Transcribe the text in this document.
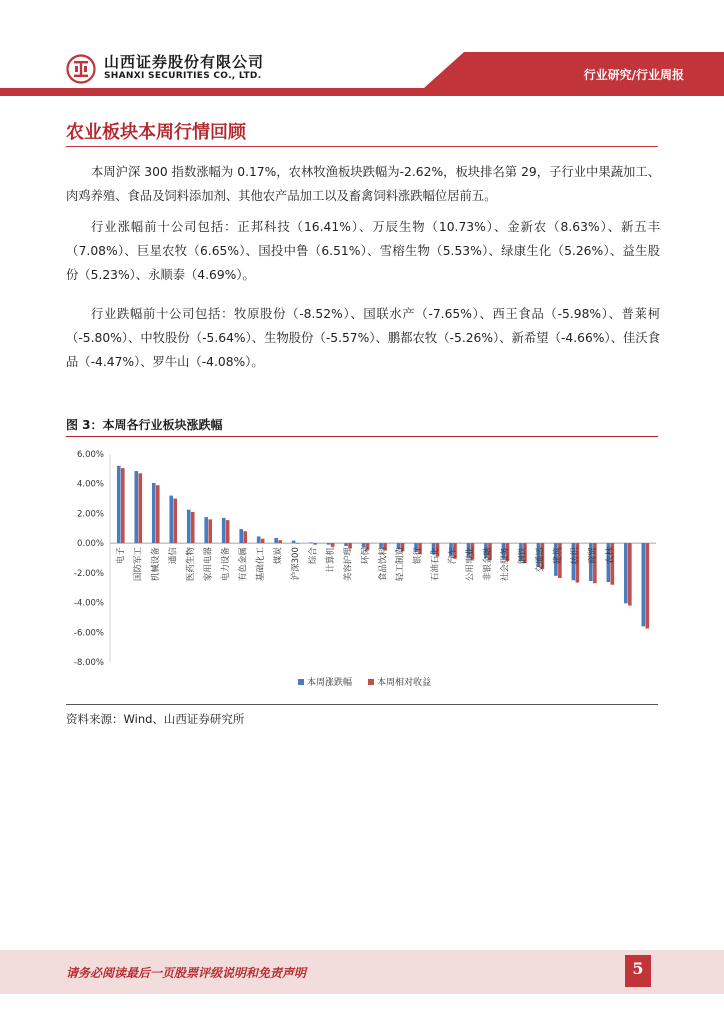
山西证券股份有限公司
SHANXI SECURITIES CO., LTD.	行业研究/行业周报
农业板块本周行情回顾
本周沪深 300 指数涨幅为 0.17%，农林牧渔板块跌幅为-2.62%，板块排名第 29，子行业中果蔬加工、肉鸡养殖、食品及饲料添加剂、其他农产品加工以及畜禽饲料涨跌幅位居前五。
行业涨幅前十公司包括：正邦科技（16.41%）、万辰生物（10.73%）、金新农（8.63%）、新五丰（7.08%）、巨星农牧（6.65%）、国投中鲁（6.51%）、雪榕生物（5.53%）、绿康生化（5.26%）、益生股份（5.23%）、永顺泰（4.69%）。
行业跌幅前十公司包括：牧原股份（-8.52%）、国联水产（-7.65%）、西王食品（-5.98%）、普莱柯（-5.80%）、中牧股份（-5.64%）、生物股份（-5.57%）、鹏都农牧（-5.26%）、新希望（-4.66%）、佳沃食品（-4.47%）、罗牛山（-4.08%）。
图 3：本周各行业板块涨跌幅
6.00%
4.00%
2.00%
0.00%
-2.00%
-4.00%
-6.00%
-8.00%
电子 国防军工 机械设备 通信 医药生物 家用电器 电力设备 有色金属 基础化工 煤炭 沪深300 综合 计算机 美容护理 环保 食品饮料 轻工制造 银行 石油石化 汽车 公用事业 非银金融 社会服务 钢铁 交通运 建筑 纺织 商贸 农林
本周涨跌幅	本周相对收益
资料来源：Wind、山西证券研究所
请务必阅读最后一页股票评级说明和免责声明	5
